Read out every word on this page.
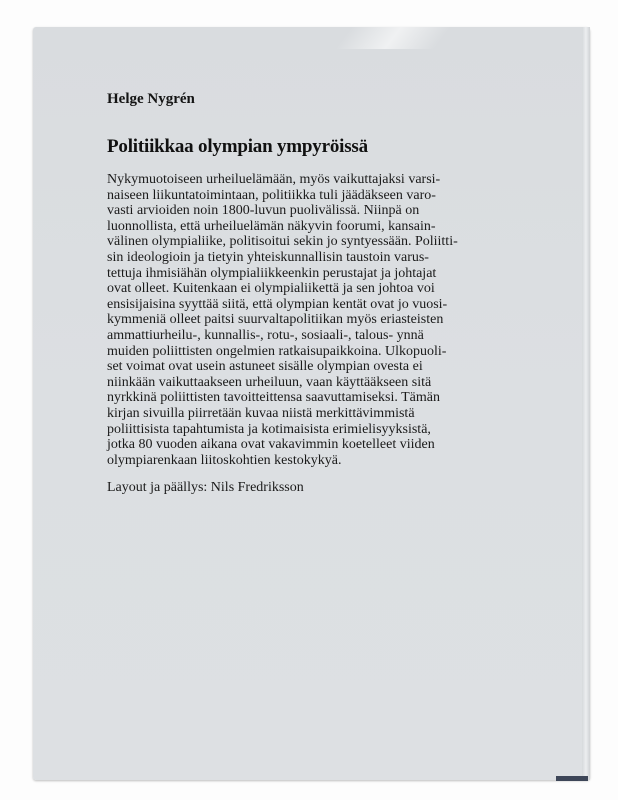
Helge Nygrén
Politiikkaa olympian ympyröissä
Nykymuotoiseen urheiluelämään, myös vaikuttajaksi varsi-
naiseen liikuntatoimintaan, politiikka tuli jäädäkseen varo-
vasti arvioiden noin 1800-luvun puolivälissä. Niinpä on
luonnollista, että urheiluelämän näkyvin foorumi, kansain-
välinen olympialiike, politisoitui sekin jo syntyessään. Poliitti-
sin ideologioin ja tietyin yhteiskunnallisin taustoin varus-
tettuja ihmisiähän olympialiikkeenkin perustajat ja johtajat
ovat olleet. Kuitenkaan ei olympialiikettä ja sen johtoa voi
ensisijaisina syyttää siitä, että olympian kentät ovat jo vuosi-
kymmeniä olleet paitsi suurvaltapolitiikan myös eriasteisten
ammattiurheilu-, kunnallis-, rotu-, sosiaali-, talous- ynnä
muiden poliittisten ongelmien ratkaisupaikkoina. Ulkopuoli-
set voimat ovat usein astuneet sisälle olympian ovesta ei
niinkään vaikuttaakseen urheiluun, vaan käyttääkseen sitä
nyrkkinä poliittisten tavoitteittensa saavuttamiseksi. Tämän
kirjan sivuilla piirretään kuvaa niistä merkittävimmistä
poliittisista tapahtumista ja kotimaisista erimielisyyksistä,
jotka 80 vuoden aikana ovat vakavimmin koetelleet viiden
olympiarenkaan liitoskohtien kestokykyä.
Layout ja päällys: Nils Fredriksson
